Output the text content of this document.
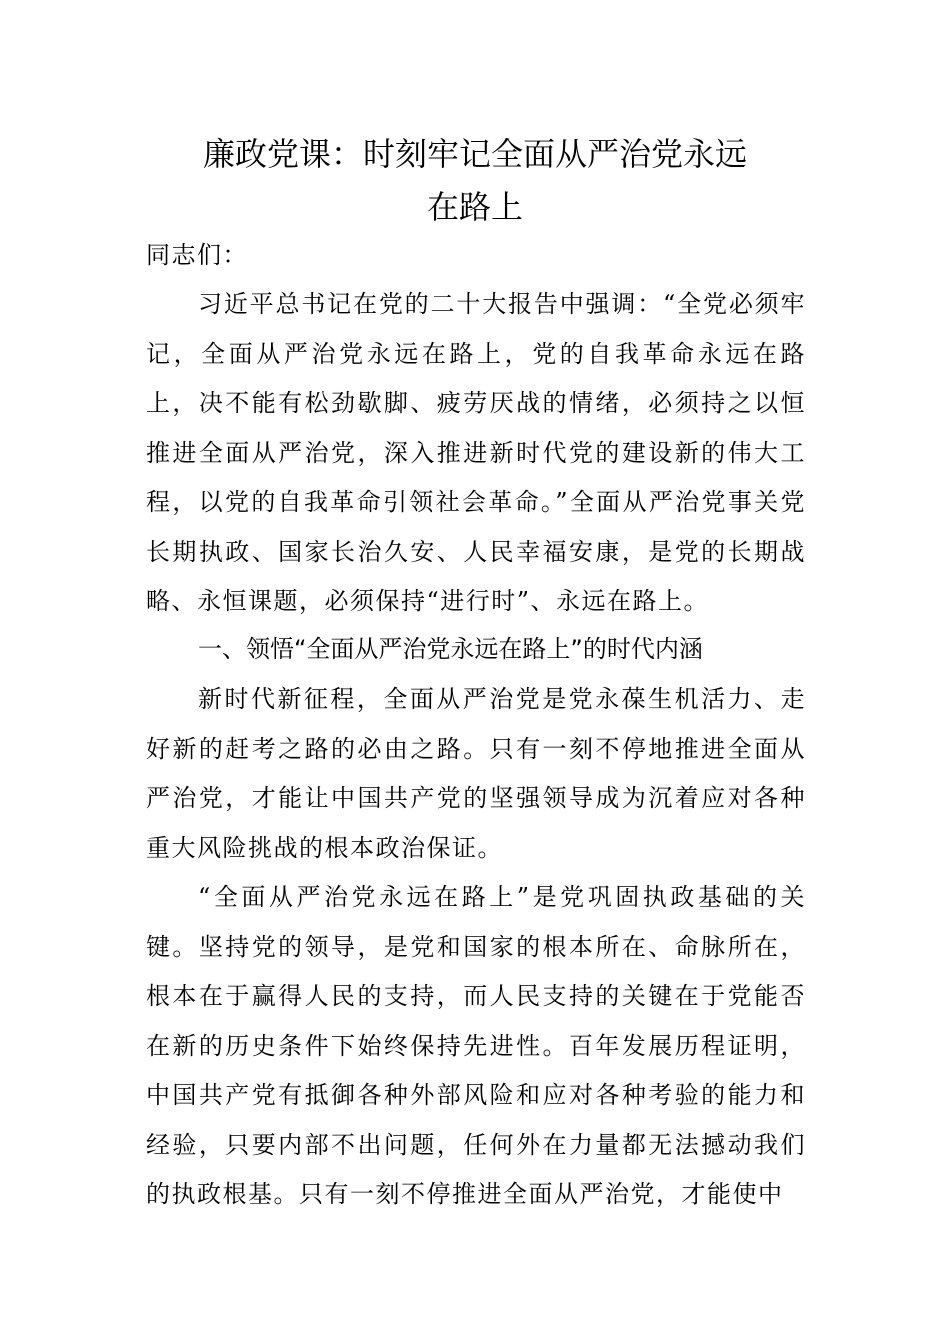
廉政党课：时刻牢记全面从严治党永远
在路上

同志们：

习近平总书记在党的二十大报告中强调：“全党必须牢记，全面从严治党永远在路上，党的自我革命永远在路上，决不能有松劲歇脚、疲劳厌战的情绪，必须持之以恒推进全面从严治党，深入推进新时代党的建设新的伟大工程，以党的自我革命引领社会革命。”全面从严治党事关党长期执政、国家长治久安、人民幸福安康，是党的长期战略、永恒课题，必须保持“进行时”、永远在路上。

一、领悟“全面从严治党永远在路上”的时代内涵

新时代新征程，全面从严治党是党永葆生机活力、走好新的赶考之路的必由之路。只有一刻不停地推进全面从严治党，才能让中国共产党的坚强领导成为沉着应对各种重大风险挑战的根本政治保证。

“全面从严治党永远在路上”是党巩固执政基础的关键。坚持党的领导，是党和国家的根本所在、命脉所在，根本在于赢得人民的支持，而人民支持的关键在于党能否在新的历史条件下始终保持先进性。百年发展历程证明，中国共产党有抵御各种外部风险和应对各种考验的能力和经验，只要内部不出问题，任何外在力量都无法撼动我们的执政根基。只有一刻不停推进全面从严治党，才能使中
